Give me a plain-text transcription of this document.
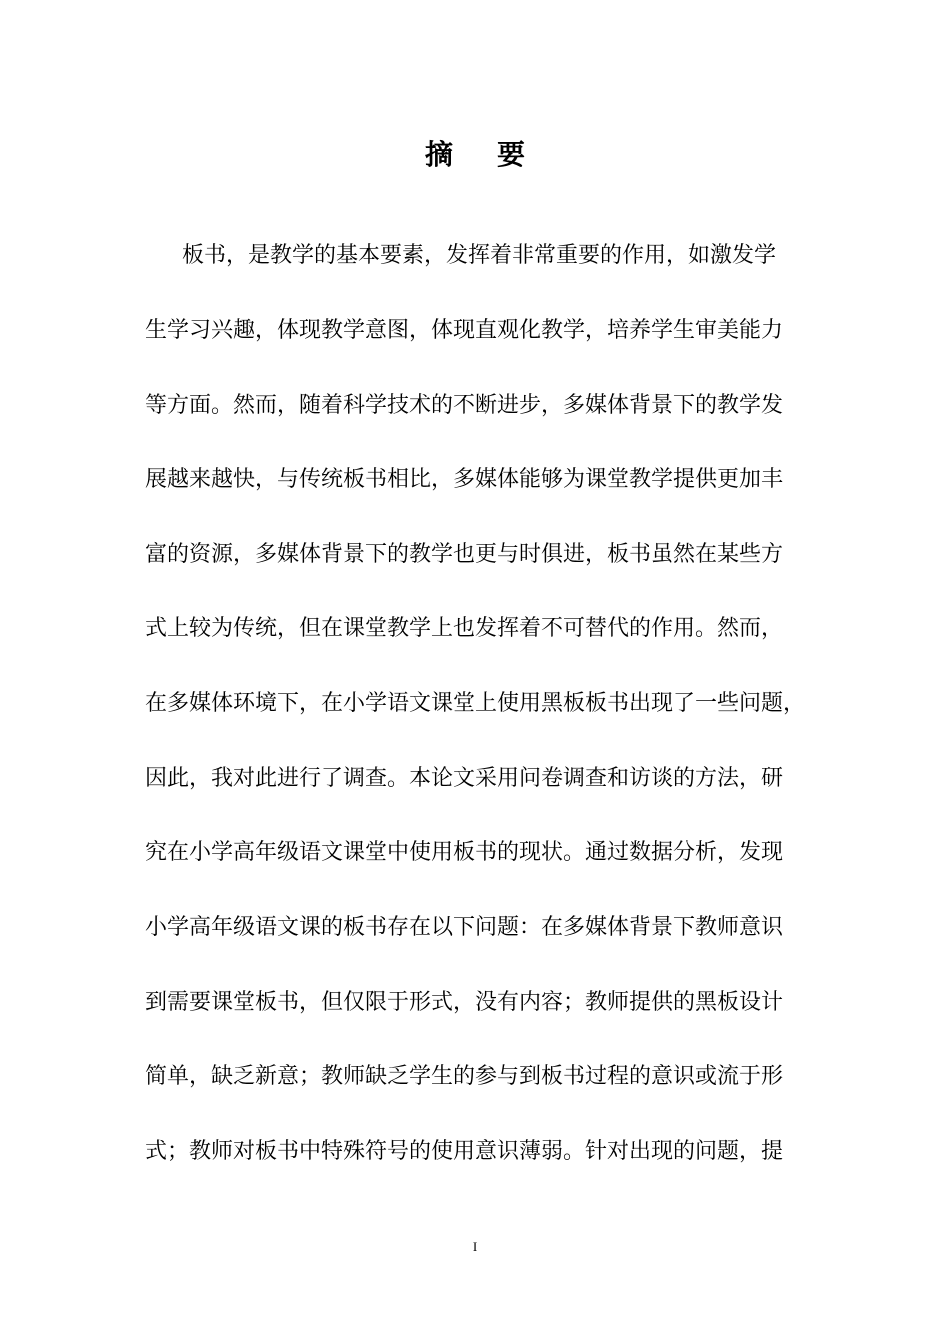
摘 要
板书，是教学的基本要素，发挥着非常重要的作用，如激发学
生学习兴趣，体现教学意图，体现直观化教学，培养学生审美能力
等方面。然而，随着科学技术的不断进步，多媒体背景下的教学发
展越来越快，与传统板书相比，多媒体能够为课堂教学提供更加丰
富的资源，多媒体背景下的教学也更与时俱进，板书虽然在某些方
式上较为传统，但在课堂教学上也发挥着不可替代的作用。然而，
在多媒体环境下，在小学语文课堂上使用黑板板书出现了一些问题，
因此，我对此进行了调查。本论文采用问卷调查和访谈的方法，研
究在小学高年级语文课堂中使用板书的现状。通过数据分析，发现
小学高年级语文课的板书存在以下问题：在多媒体背景下教师意识
到需要课堂板书，但仅限于形式，没有内容；教师提供的黑板设计
简单，缺乏新意；教师缺乏学生的参与到板书过程的意识或流于形
式；教师对板书中特殊符号的使用意识薄弱。针对出现的问题，提
I
